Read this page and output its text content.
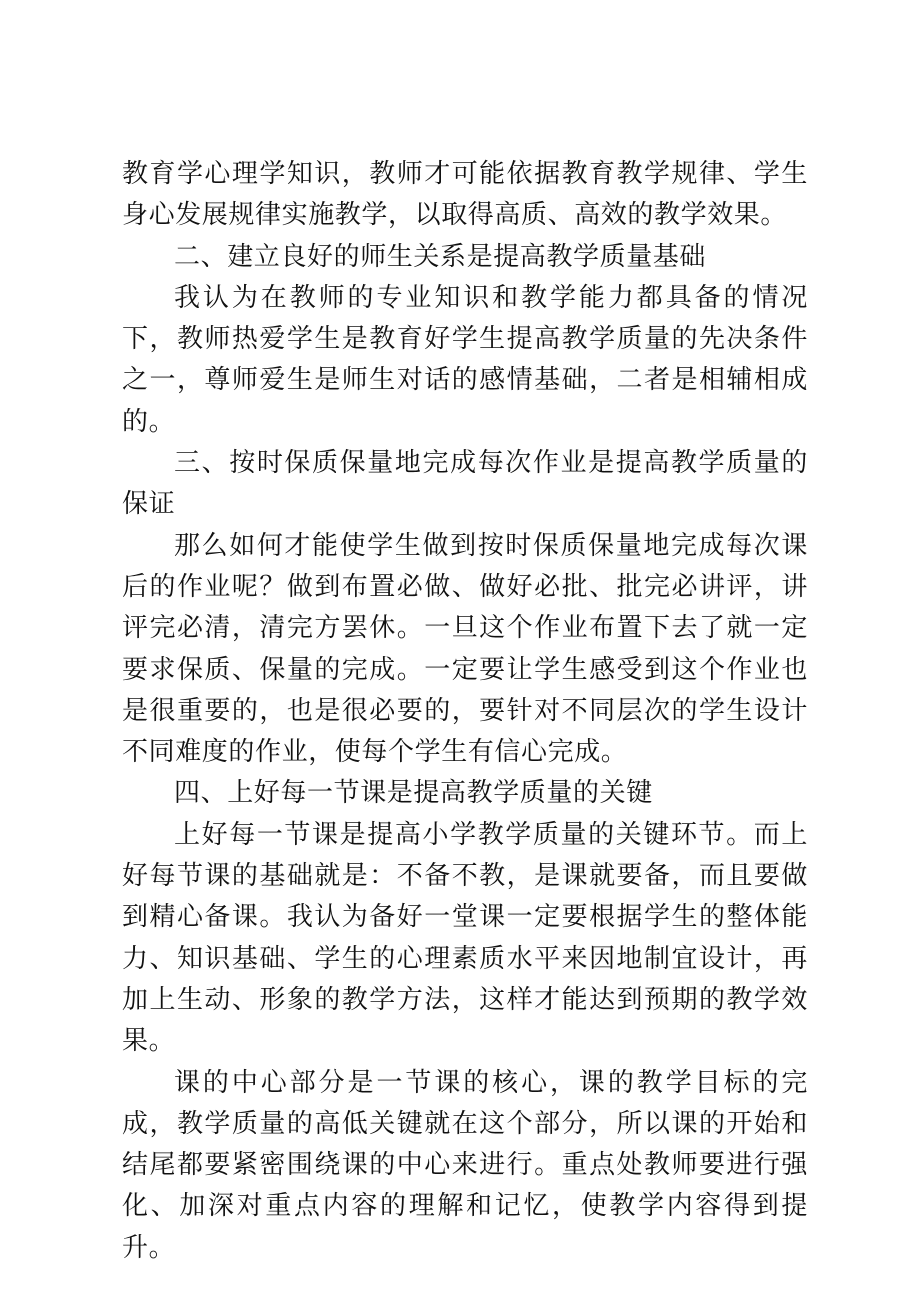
教育学心理学知识，教师才可能依据教育教学规律、学生身心发展规律实施教学，以取得高质、高效的教学效果。

二、建立良好的师生关系是提高教学质量基础

我认为在教师的专业知识和教学能力都具备的情况下，教师热爱学生是教育好学生提高教学质量的先决条件之一，尊师爱生是师生对话的感情基础，二者是相辅相成的。

三、按时保质保量地完成每次作业是提高教学质量的保证

那么如何才能使学生做到按时保质保量地完成每次课后的作业呢？做到布置必做、做好必批、批完必讲评，讲评完必清，清完方罢休。一旦这个作业布置下去了就一定要求保质、保量的完成。一定要让学生感受到这个作业也是很重要的，也是很必要的，要针对不同层次的学生设计不同难度的作业，使每个学生有信心完成。

四、上好每一节课是提高教学质量的关键

上好每一节课是提高小学教学质量的关键环节。而上好每节课的基础就是：不备不教，是课就要备，而且要做到精心备课。我认为备好一堂课一定要根据学生的整体能力、知识基础、学生的心理素质水平来因地制宜设计，再加上生动、形象的教学方法，这样才能达到预期的教学效果。

课的中心部分是一节课的核心，课的教学目标的完成，教学质量的高低关键就在这个部分，所以课的开始和结尾都要紧密围绕课的中心来进行。重点处教师要进行强化、加深对重点内容的理解和记忆，使教学内容得到提升。
